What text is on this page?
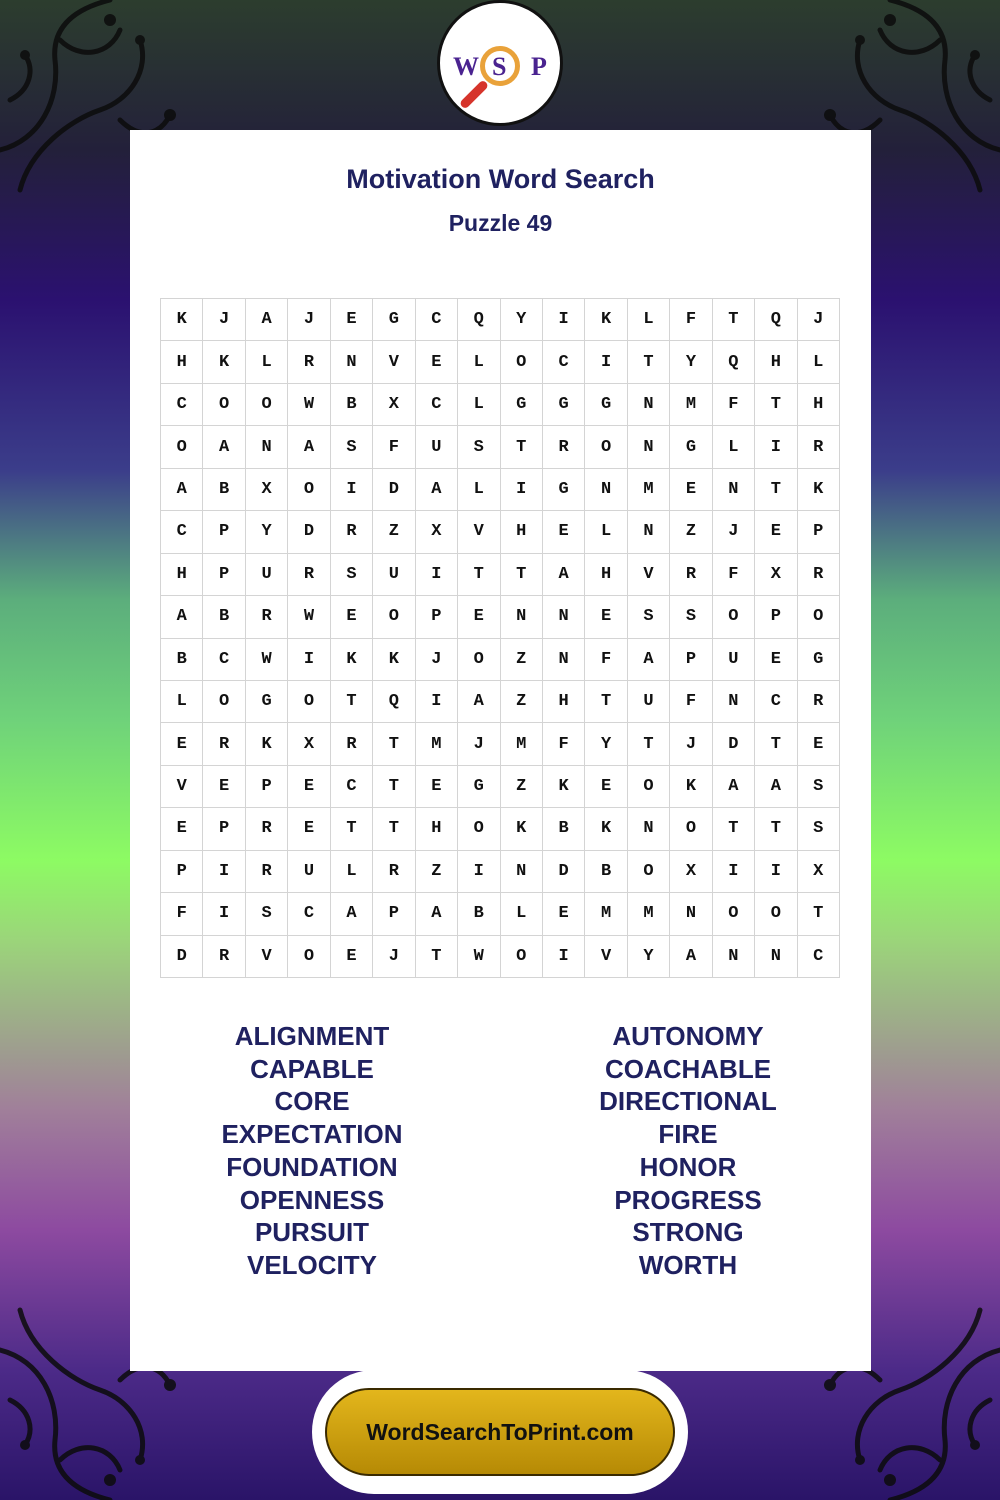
W S P
Motivation Word Search
Puzzle 49
K	J	A	J	E	G	C	Q	Y	I	K	L	F	T	Q	J
H	K	L	R	N	V	E	L	O	C	I	T	Y	Q	H	L
C	O	O	W	B	X	C	L	G	G	G	N	M	F	T	H
O	A	N	A	S	F	U	S	T	R	O	N	G	L	I	R
A	B	X	O	I	D	A	L	I	G	N	M	E	N	T	K
C	P	Y	D	R	Z	X	V	H	E	L	N	Z	J	E	P
H	P	U	R	S	U	I	T	T	A	H	V	R	F	X	R
A	B	R	W	E	O	P	E	N	N	E	S	S	O	P	O
B	C	W	I	K	K	J	O	Z	N	F	A	P	U	E	G
L	O	G	O	T	Q	I	A	Z	H	T	U	F	N	C	R
E	R	K	X	R	T	M	J	M	F	Y	T	J	D	T	E
V	E	P	E	C	T	E	G	Z	K	E	O	K	A	A	S
E	P	R	E	T	T	H	O	K	B	K	N	O	T	T	S
P	I	R	U	L	R	Z	I	N	D	B	O	X	I	I	X
F	I	S	C	A	P	A	B	L	E	M	M	N	O	O	T
D	R	V	O	E	J	T	W	O	I	V	Y	A	N	N	C
ALIGNMENT
CAPABLE
CORE
EXPECTATION
FOUNDATION
OPENNESS
PURSUIT
VELOCITY
AUTONOMY
COACHABLE
DIRECTIONAL
FIRE
HONOR
PROGRESS
STRONG
WORTH
WordSearchToPrint.com
